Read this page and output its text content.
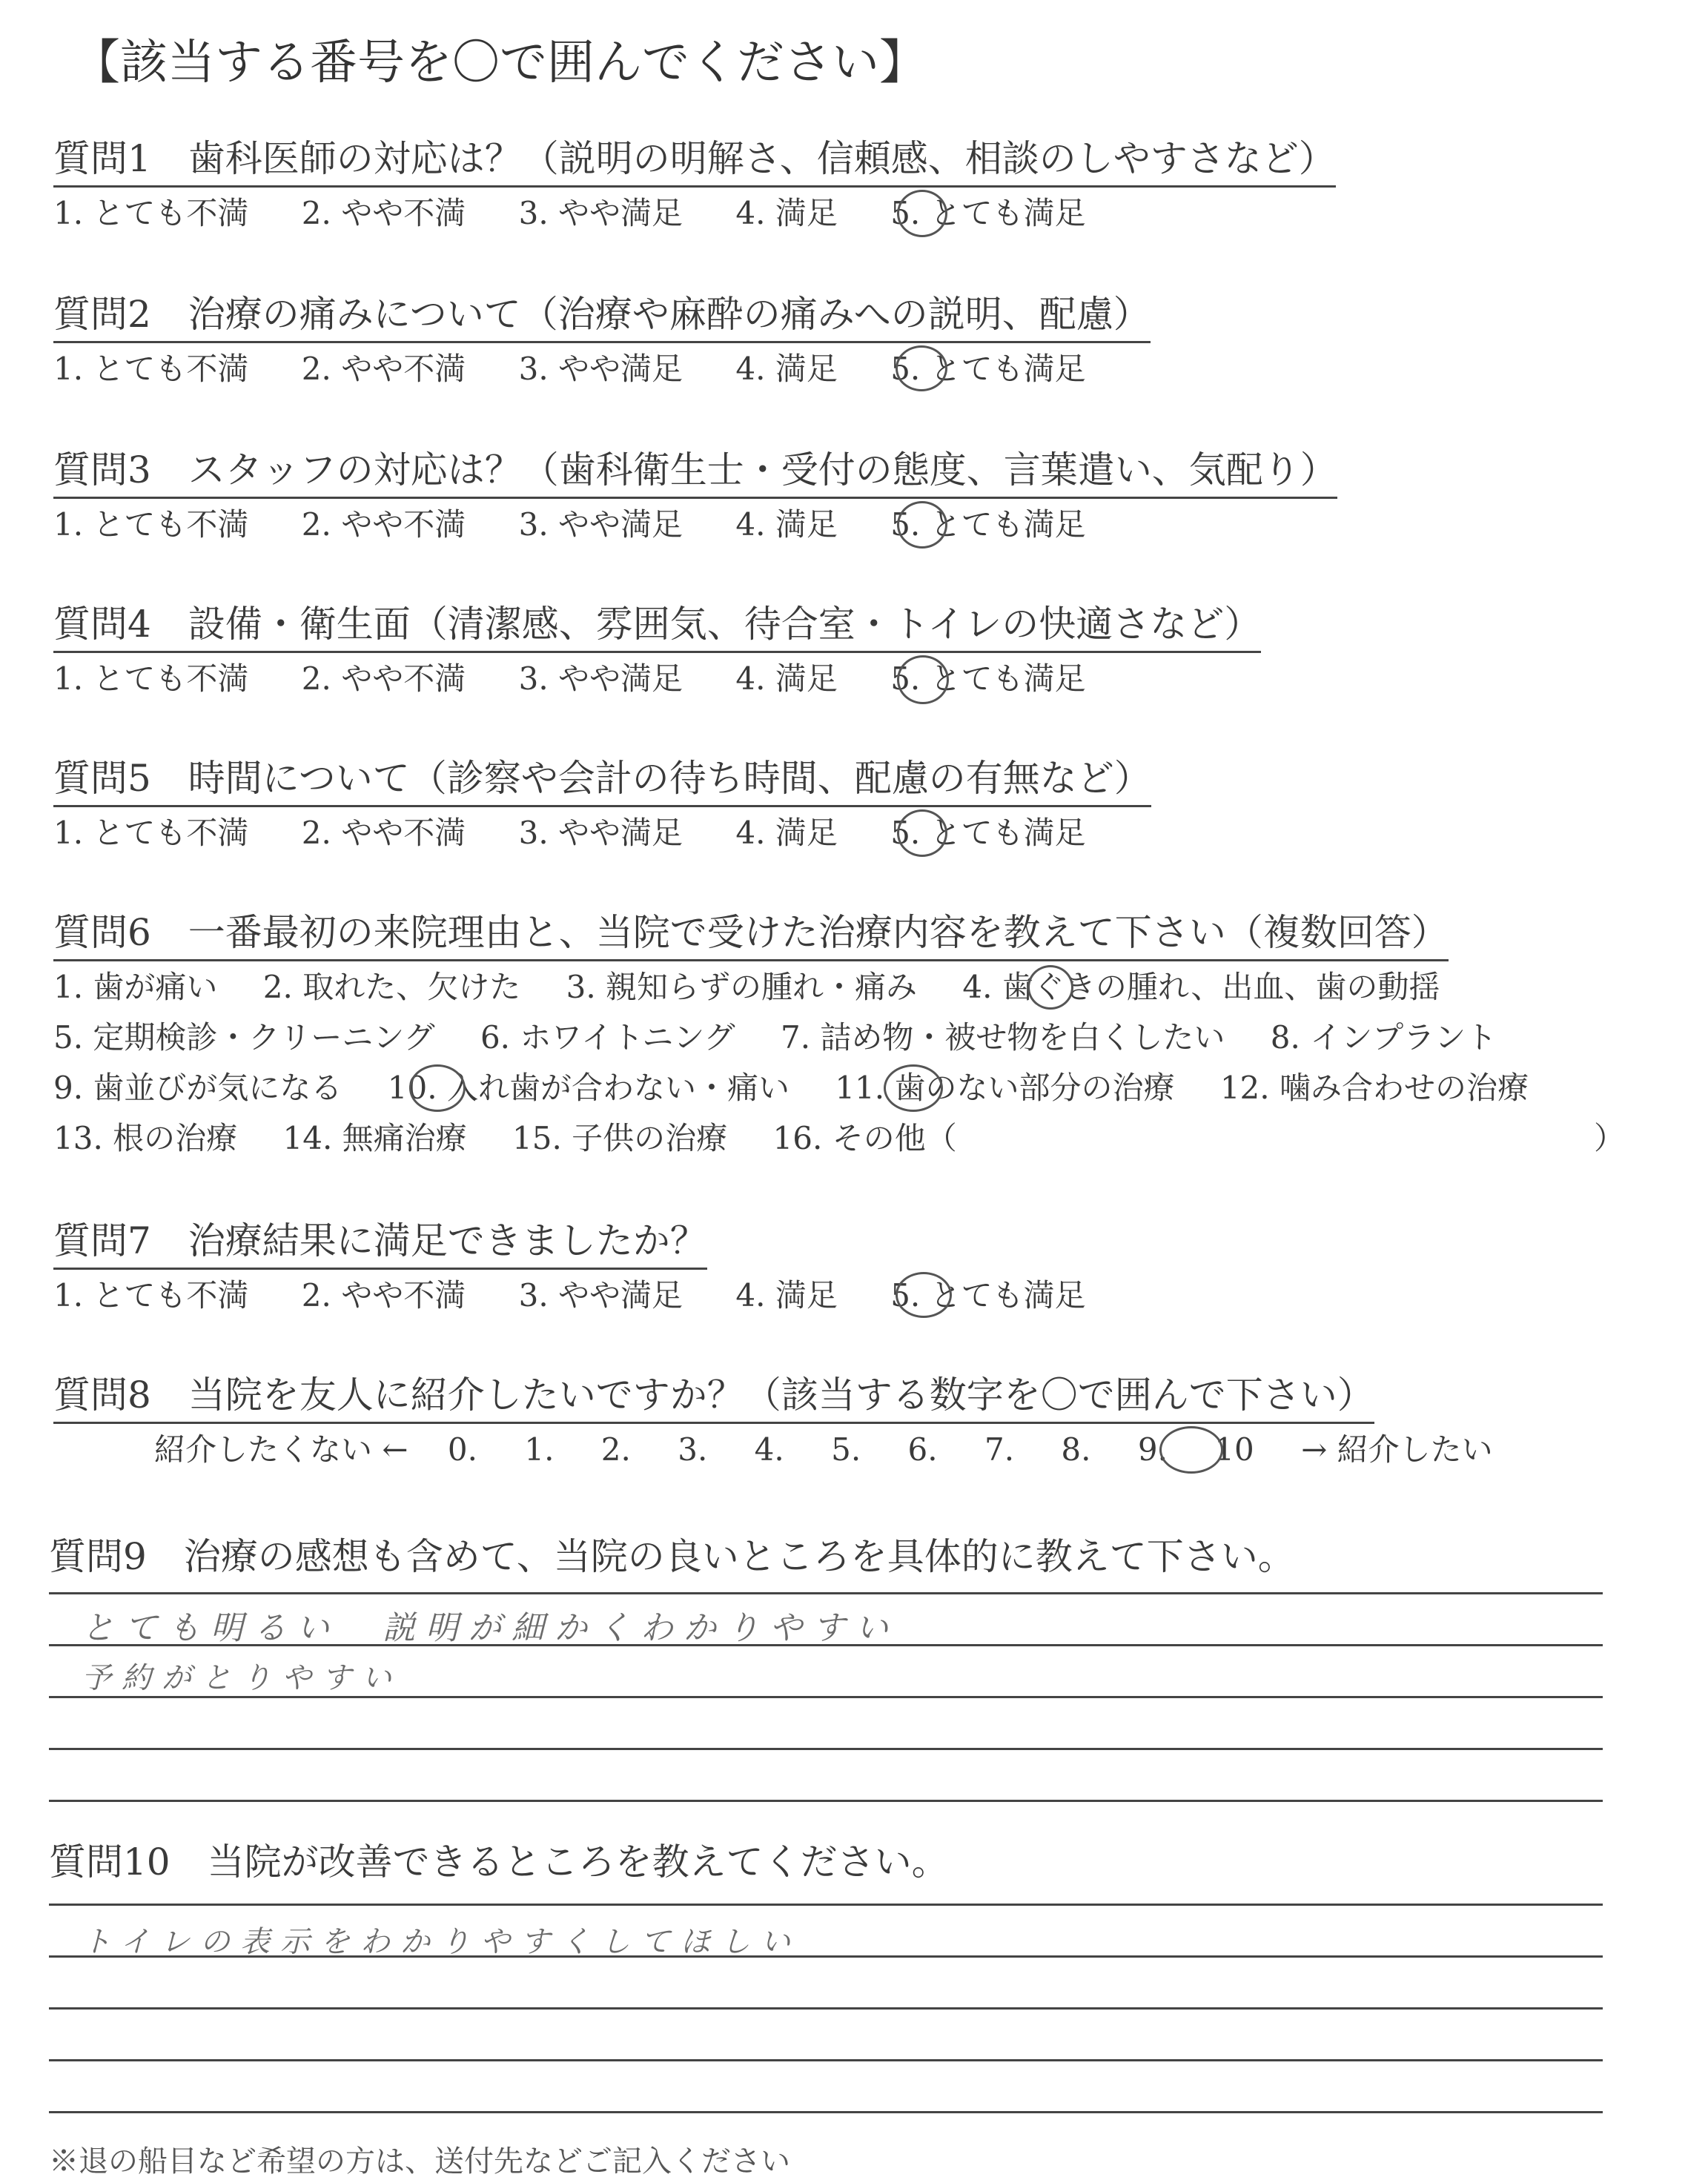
【該当する番号を〇で囲んでください】
質問1　歯科医師の対応は？（説明の明解さ、信頼感、相談のしやすさなど）
1. とても不満 2. やや不満 3. やや満足 4. 満足 5. とても満足
質問2　治療の痛みについて（治療や麻酔の痛みへの説明、配慮）
1. とても不満 2. やや不満 3. やや満足 4. 満足 5. とても満足
質問3　スタッフの対応は？（歯科衛生士・受付の態度、言葉遣い、気配り）
1. とても不満 2. やや不満 3. やや満足 4. 満足 5. とても満足
質問4　設備・衛生面（清潔感、雰囲気、待合室・トイレの快適さなど）
1. とても不満 2. やや不満 3. やや満足 4. 満足 5. とても満足
質問5　時間について（診察や会計の待ち時間、配慮の有無など）
1. とても不満 2. やや不満 3. やや満足 4. 満足 5. とても満足
質問6　一番最初の来院理由と、当院で受けた治療内容を教えて下さい（複数回答）
1. 歯が痛い 2. 取れた、欠けた 3. 親知らずの腫れ・痛み 4. 歯ぐきの腫れ、出血、歯の動揺
5. 定期検診・クリーニング 6. ホワイトニング 7. 詰め物・被せ物を白くしたい 8. インプラント
9. 歯並びが気になる 10. 入れ歯が合わない・痛い 11. 歯のない部分の治療 12. 噛み合わせの治療
13. 根の治療 14. 無痛治療 15. 子供の治療 16. その他（	）
質問7　治療結果に満足できましたか？
1. とても不満 2. やや不満 3. やや満足 4. 満足 5. とても満足
質問8　当院を友人に紹介したいですか？（該当する数字を〇で囲んで下さい）
紹介したくない ← 0. 1. 2. 3. 4. 5. 6. 7. 8. 9. 10 → 紹介したい
質問9　治療の感想も含めて、当院の良いところを具体的に教えて下さい。
とても明るい　説明が細かくわかりやすい
予約がとりやすい
質問10　当院が改善できるところを教えてください。
トイレの表示をわかりやすくしてほしい
※退の船目など希望の方は、送付先などご記入ください
